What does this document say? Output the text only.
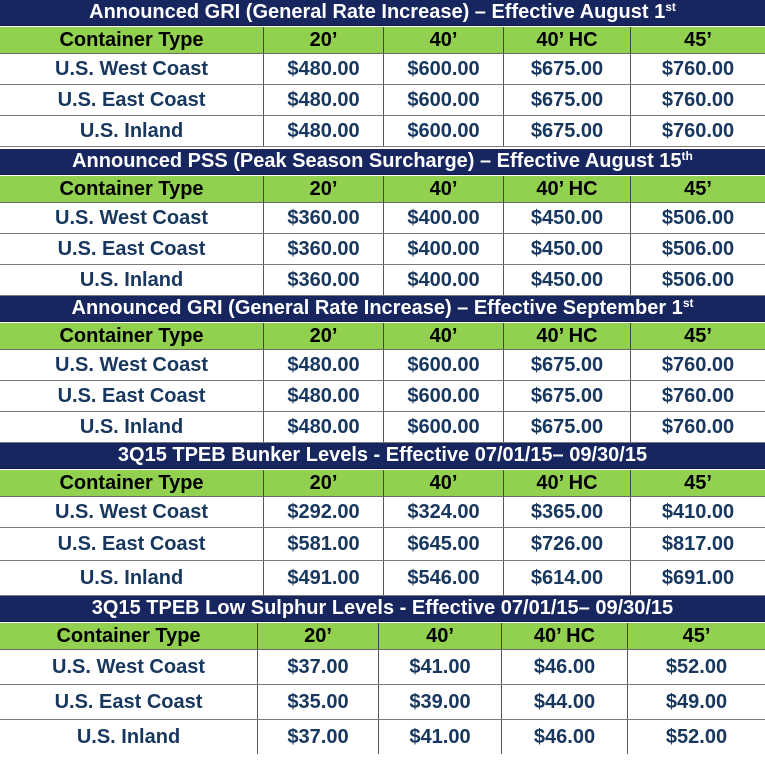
Announced GRI (General Rate Increase) – Effective August 1st
Container Type	20’	40’	40’ HC	45’
U.S. West Coast	$480.00	$600.00	$675.00	$760.00
U.S. East Coast	$480.00	$600.00	$675.00	$760.00
U.S. Inland	$480.00	$600.00	$675.00	$760.00
Announced PSS (Peak Season Surcharge) – Effective August 15th
Container Type	20’	40’	40’ HC	45’
U.S. West Coast	$360.00	$400.00	$450.00	$506.00
U.S. East Coast	$360.00	$400.00	$450.00	$506.00
U.S. Inland	$360.00	$400.00	$450.00	$506.00
Announced GRI (General Rate Increase) – Effective September 1st
Container Type	20’	40’	40’ HC	45’
U.S. West Coast	$480.00	$600.00	$675.00	$760.00
U.S. East Coast	$480.00	$600.00	$675.00	$760.00
U.S. Inland	$480.00	$600.00	$675.00	$760.00
3Q15 TPEB Bunker Levels - Effective 07/01/15– 09/30/15
Container Type	20’	40’	40’ HC	45’
U.S. West Coast	$292.00	$324.00	$365.00	$410.00
U.S. East Coast	$581.00	$645.00	$726.00	$817.00
U.S. Inland	$491.00	$546.00	$614.00	$691.00
3Q15 TPEB Low Sulphur Levels - Effective 07/01/15– 09/30/15
Container Type	20’	40’	40’ HC	45’
U.S. West Coast	$37.00	$41.00	$46.00	$52.00
U.S. East Coast	$35.00	$39.00	$44.00	$49.00
U.S. Inland	$37.00	$41.00	$46.00	$52.00
